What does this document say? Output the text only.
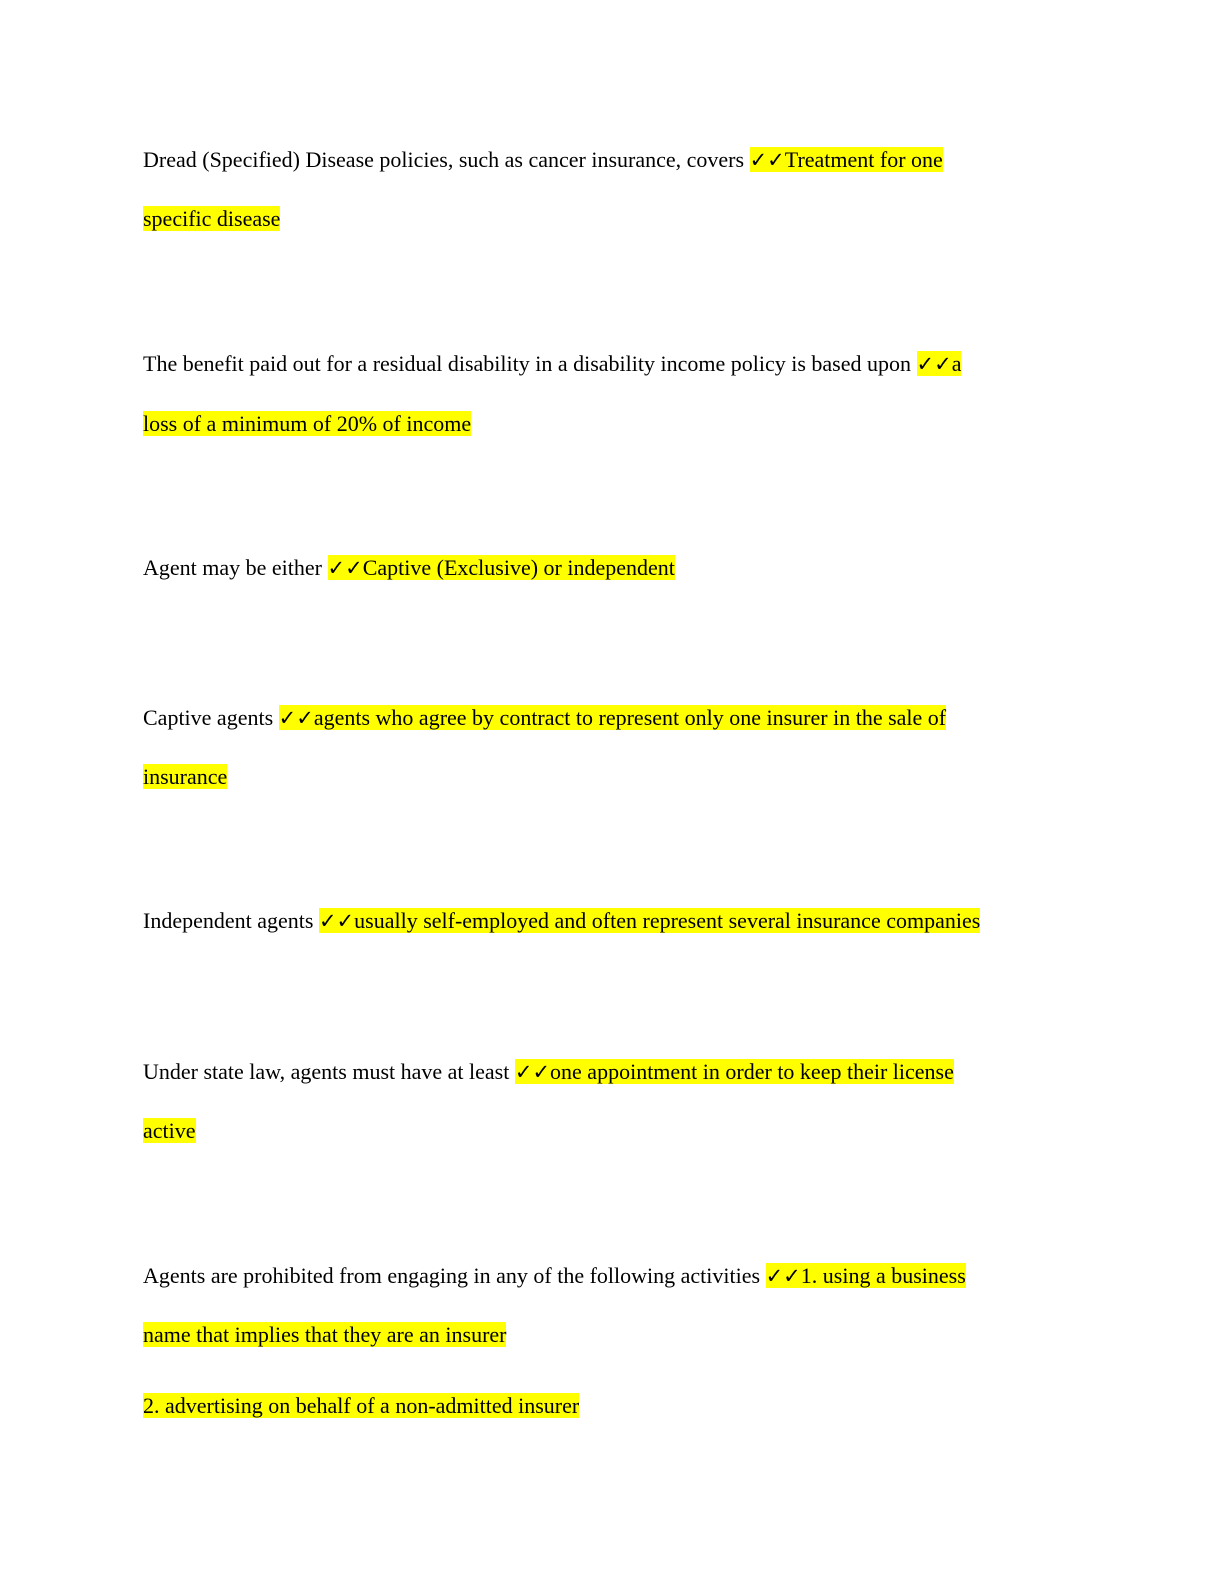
Dread (Specified) Disease policies, such as cancer insurance, covers ✓✓Treatment for one
specific disease
The benefit paid out for a residual disability in a disability income policy is based upon ✓✓a
loss of a minimum of 20% of income
Agent may be either ✓✓Captive (Exclusive) or independent
Captive agents ✓✓agents who agree by contract to represent only one insurer in the sale of
insurance
Independent agents ✓✓usually self-employed and often represent several insurance companies
Under state law, agents must have at least ✓✓one appointment in order to keep their license
active
Agents are prohibited from engaging in any of the following activities ✓✓1. using a business
name that implies that they are an insurer
2. advertising on behalf of a non-admitted insurer
